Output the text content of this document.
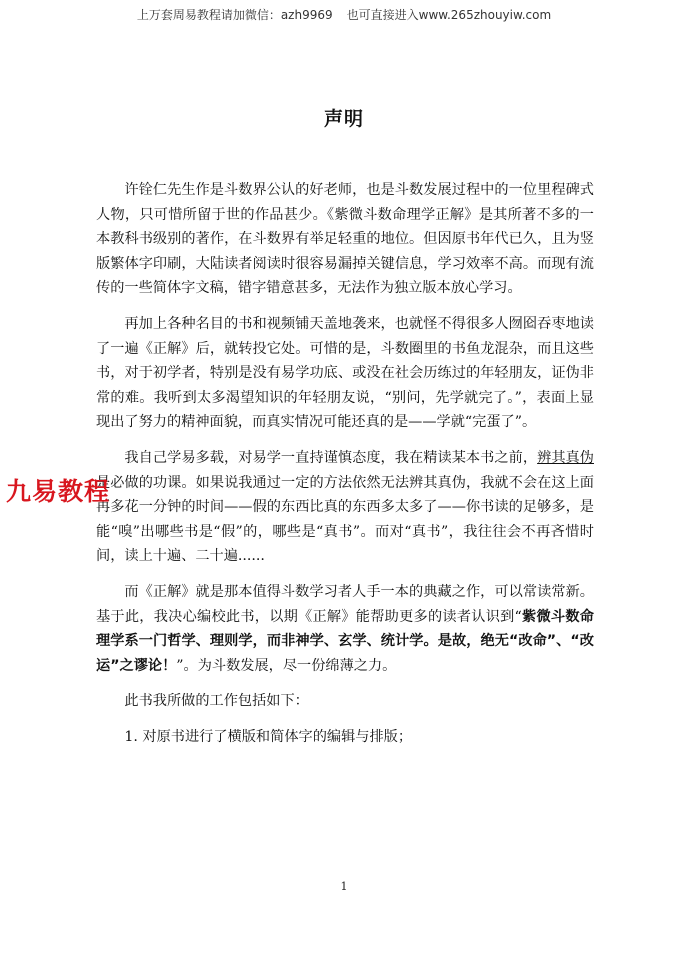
上万套周易教程请加微信：azh9969 也可直接进入www.265zhouyiw.com
声明

许铨仁先生作是斗数界公认的好老师，也是斗数发展过程中的一位里程碑式人物，只可惜所留于世的作品甚少。《紫微斗数命理学正解》是其所著不多的一本教科书级别的著作，在斗数界有举足轻重的地位。但因原书年代已久，且为竖版繁体字印刷，大陆读者阅读时很容易漏掉关键信息，学习效率不高。而现有流传的一些简体字文稿，错字错意甚多，无法作为独立版本放心学习。

再加上各种名目的书和视频铺天盖地袭来，也就怪不得很多人囫囵吞枣地读了一遍《正解》后，就转投它处。可惜的是，斗数圈里的书鱼龙混杂，而且这些书，对于初学者，特别是没有易学功底、或没在社会历练过的年轻朋友，证伪非常的难。我听到太多渴望知识的年轻朋友说，“别问，先学就完了。”，表面上显现出了努力的精神面貌，而真实情况可能还真的是——学就“完蛋了”。

我自己学易多载，对易学一直持谨慎态度，我在精读某本书之前，辨其真伪是必做的功课。如果说我通过一定的方法依然无法辨其真伪，我就不会在这上面再多花一分钟的时间——假的东西比真的东西多太多了——你书读的足够多，是能“嗅”出哪些书是“假”的，哪些是“真书”。而对“真书”，我往往会不再吝惜时间，读上十遍、二十遍......

而《正解》就是那本值得斗数学习者人手一本的典藏之作，可以常读常新。基于此，我决心编校此书，以期《正解》能帮助更多的读者认识到“紫微斗数命理学系一门哲学、理则学，而非神学、玄学、统计学。是故，绝无“改命”、“改运”之谬论！”。为斗数发展，尽一份绵薄之力。

此书我所做的工作包括如下：

1. 对原书进行了横版和简体字的编辑与排版；

九易教程
1
